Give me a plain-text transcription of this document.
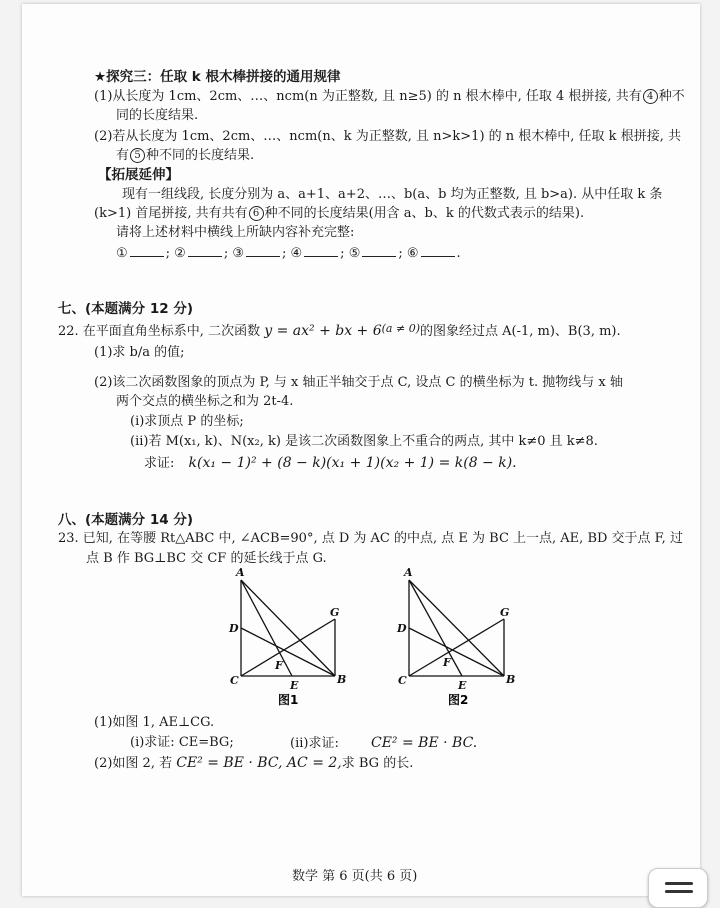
★探究三：任取 k 根木棒拼接的通用规律
(1)从长度为 1cm、2cm、…、ncm(n 为正整数, 且 n≥5) 的 n 根木棒中, 任取 4 根拼接, 共有 4 种不
同的长度结果.
(2)若从长度为 1cm、2cm、…、ncm(n、k 为正整数, 且 n>k>1) 的 n 根木棒中, 任取 k 根拼接, 共
有 5 种不同的长度结果.
【拓展延伸】
现有一组线段, 长度分别为 a、a+1、a+2、…、b(a、b 均为正整数, 且 b>a). 从中任取 k 条
(k>1) 首尾拼接, 共有共有 6 种不同的长度结果(用含 a、b、k 的代数式表示的结果).
请将上述材料中横线上所缺内容补充完整:
①	; ②	; ③	; ④	; ⑤	; ⑥	.
七、(本题满分 12 分)
22. 在平面直角坐标系中, 二次函数 y = ax² + bx + $6^{(a \ne 0)}$的图象经过点 A(-1, m)、B(3, m).
(1)求 b/a 的值;
(2)该二次函数图象的顶点为 P, 与 x 轴正半轴交于点 C, 设点 C 的横坐标为 t. 抛物线与 x 轴
两个交点的横坐标之和为 2t-4.
(i)求顶点 P 的坐标;
(ii)若 M(x₁, k)、N(x₂, k) 是该二次函数图象上不重合的两点, 其中 k≠0 且 k≠8.
求证: k(x₁ − 1)² + (8 − k)(x₁ + 1)(x₂ + 1) = k(8 − k).
八、(本题满分 14 分)
23. 已知, 在等腰 Rt△ABC 中, ∠ACB=90°, 点 D 为 AC 的中点, 点 E 为 BC 上一点, AE, BD 交于点 F, 过
点 B 作 BG⊥BC 交 CF 的延长线于点 G.
A
D
C	B
G
F
E
图1
A
D
C	B
G
F
E
图2
(1)如图 1, AE⊥CG.
(i)求证: CE=BG;	(ii)求证: CE² = BE · BC.
(2)如图 2, 若 CE² = BE · BC, AC = 2,求 BG 的长.
数学 第 6 页(共 6 页)
